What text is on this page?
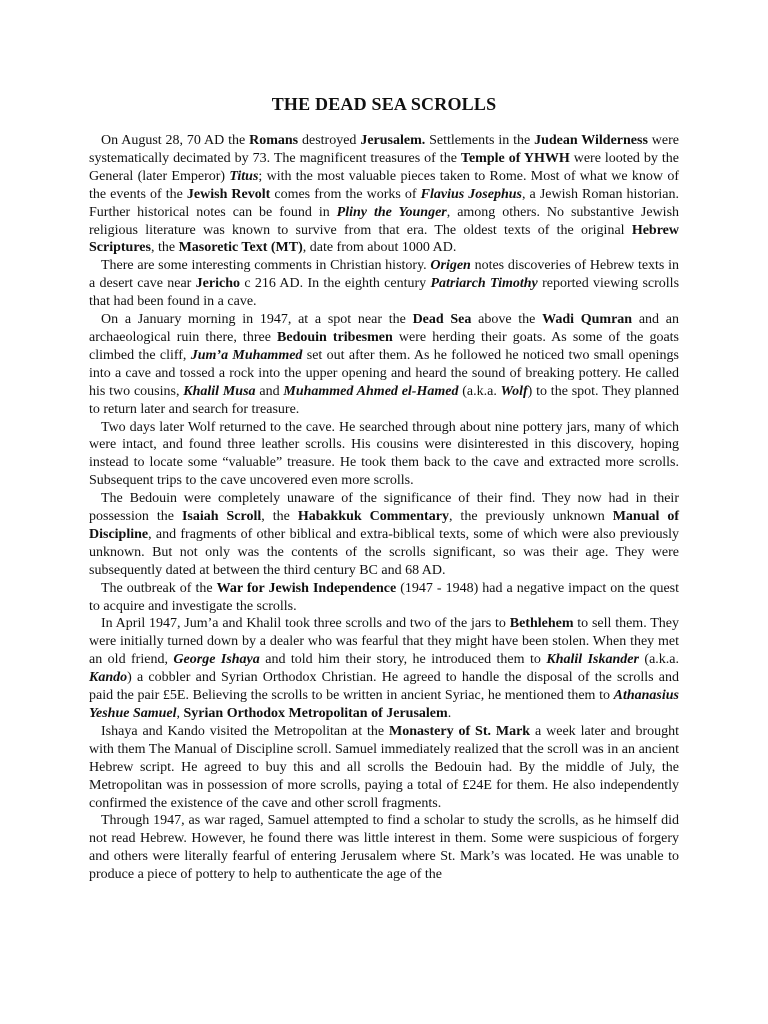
THE DEAD SEA SCROLLS

On August 28, 70 AD the Romans destroyed Jerusalem. Settlements in the Judean Wilderness were systematically decimated by 73. The magnificent treasures of the Temple of YHWH were looted by the General (later Emperor) Titus; with the most valuable pieces taken to Rome. Most of what we know of the events of the Jewish Revolt comes from the works of Flavius Josephus, a Jewish Roman historian. Further historical notes can be found in Pliny the Younger, among others. No substantive Jewish religious literature was known to survive from that era. The oldest texts of the original Hebrew Scriptures, the Masoretic Text (MT), date from about 1000 AD.

There are some interesting comments in Christian history. Origen notes discoveries of Hebrew texts in a desert cave near Jericho c 216 AD. In the eighth century Patriarch Timothy reported viewing scrolls that had been found in a cave.

On a January morning in 1947, at a spot near the Dead Sea above the Wadi Qumran and an archaeological ruin there, three Bedouin tribesmen were herding their goats. As some of the goats climbed the cliff, Jum’a Muhammed set out after them. As he followed he noticed two small openings into a cave and tossed a rock into the upper opening and heard the sound of breaking pottery. He called his two cousins, Khalil Musa and Muhammed Ahmed el-Hamed (a.k.a. Wolf) to the spot. They planned to return later and search for treasure.

Two days later Wolf returned to the cave. He searched through about nine pottery jars, many of which were intact, and found three leather scrolls. His cousins were disinterested in this discovery, hoping instead to locate some “valuable” treasure. He took them back to the cave and extracted more scrolls. Subsequent trips to the cave uncovered even more scrolls.

The Bedouin were completely unaware of the significance of their find. They now had in their possession the Isaiah Scroll, the Habakkuk Commentary, the previously unknown Manual of Discipline, and fragments of other biblical and extra-biblical texts, some of which were also previously unknown. But not only was the contents of the scrolls significant, so was their age. They were subsequently dated at between the third century BC and 68 AD.

The outbreak of the War for Jewish Independence (1947 - 1948) had a negative impact on the quest to acquire and investigate the scrolls.

In April 1947, Jum’a and Khalil took three scrolls and two of the jars to Bethlehem to sell them. They were initially turned down by a dealer who was fearful that they might have been stolen. When they met an old friend, George Ishaya and told him their story, he introduced them to Khalil Iskander (a.k.a. Kando) a cobbler and Syrian Orthodox Christian. He agreed to handle the disposal of the scrolls and paid the pair £5E. Believing the scrolls to be written in ancient Syriac, he mentioned them to Athanasius Yeshue Samuel, Syrian Orthodox Metropolitan of Jerusalem.

Ishaya and Kando visited the Metropolitan at the Monastery of St. Mark a week later and brought with them The Manual of Discipline scroll. Samuel immediately realized that the scroll was in an ancient Hebrew script. He agreed to buy this and all scrolls the Bedouin had. By the middle of July, the Metropolitan was in possession of more scrolls, paying a total of £24E for them. He also independently confirmed the existence of the cave and other scroll fragments.

Through 1947, as war raged, Samuel attempted to find a scholar to study the scrolls, as he himself did not read Hebrew. However, he found there was little interest in them. Some were suspicious of forgery and others were literally fearful of entering Jerusalem where St. Mark’s was located. He was unable to produce a piece of pottery to help to authenticate the age of the
